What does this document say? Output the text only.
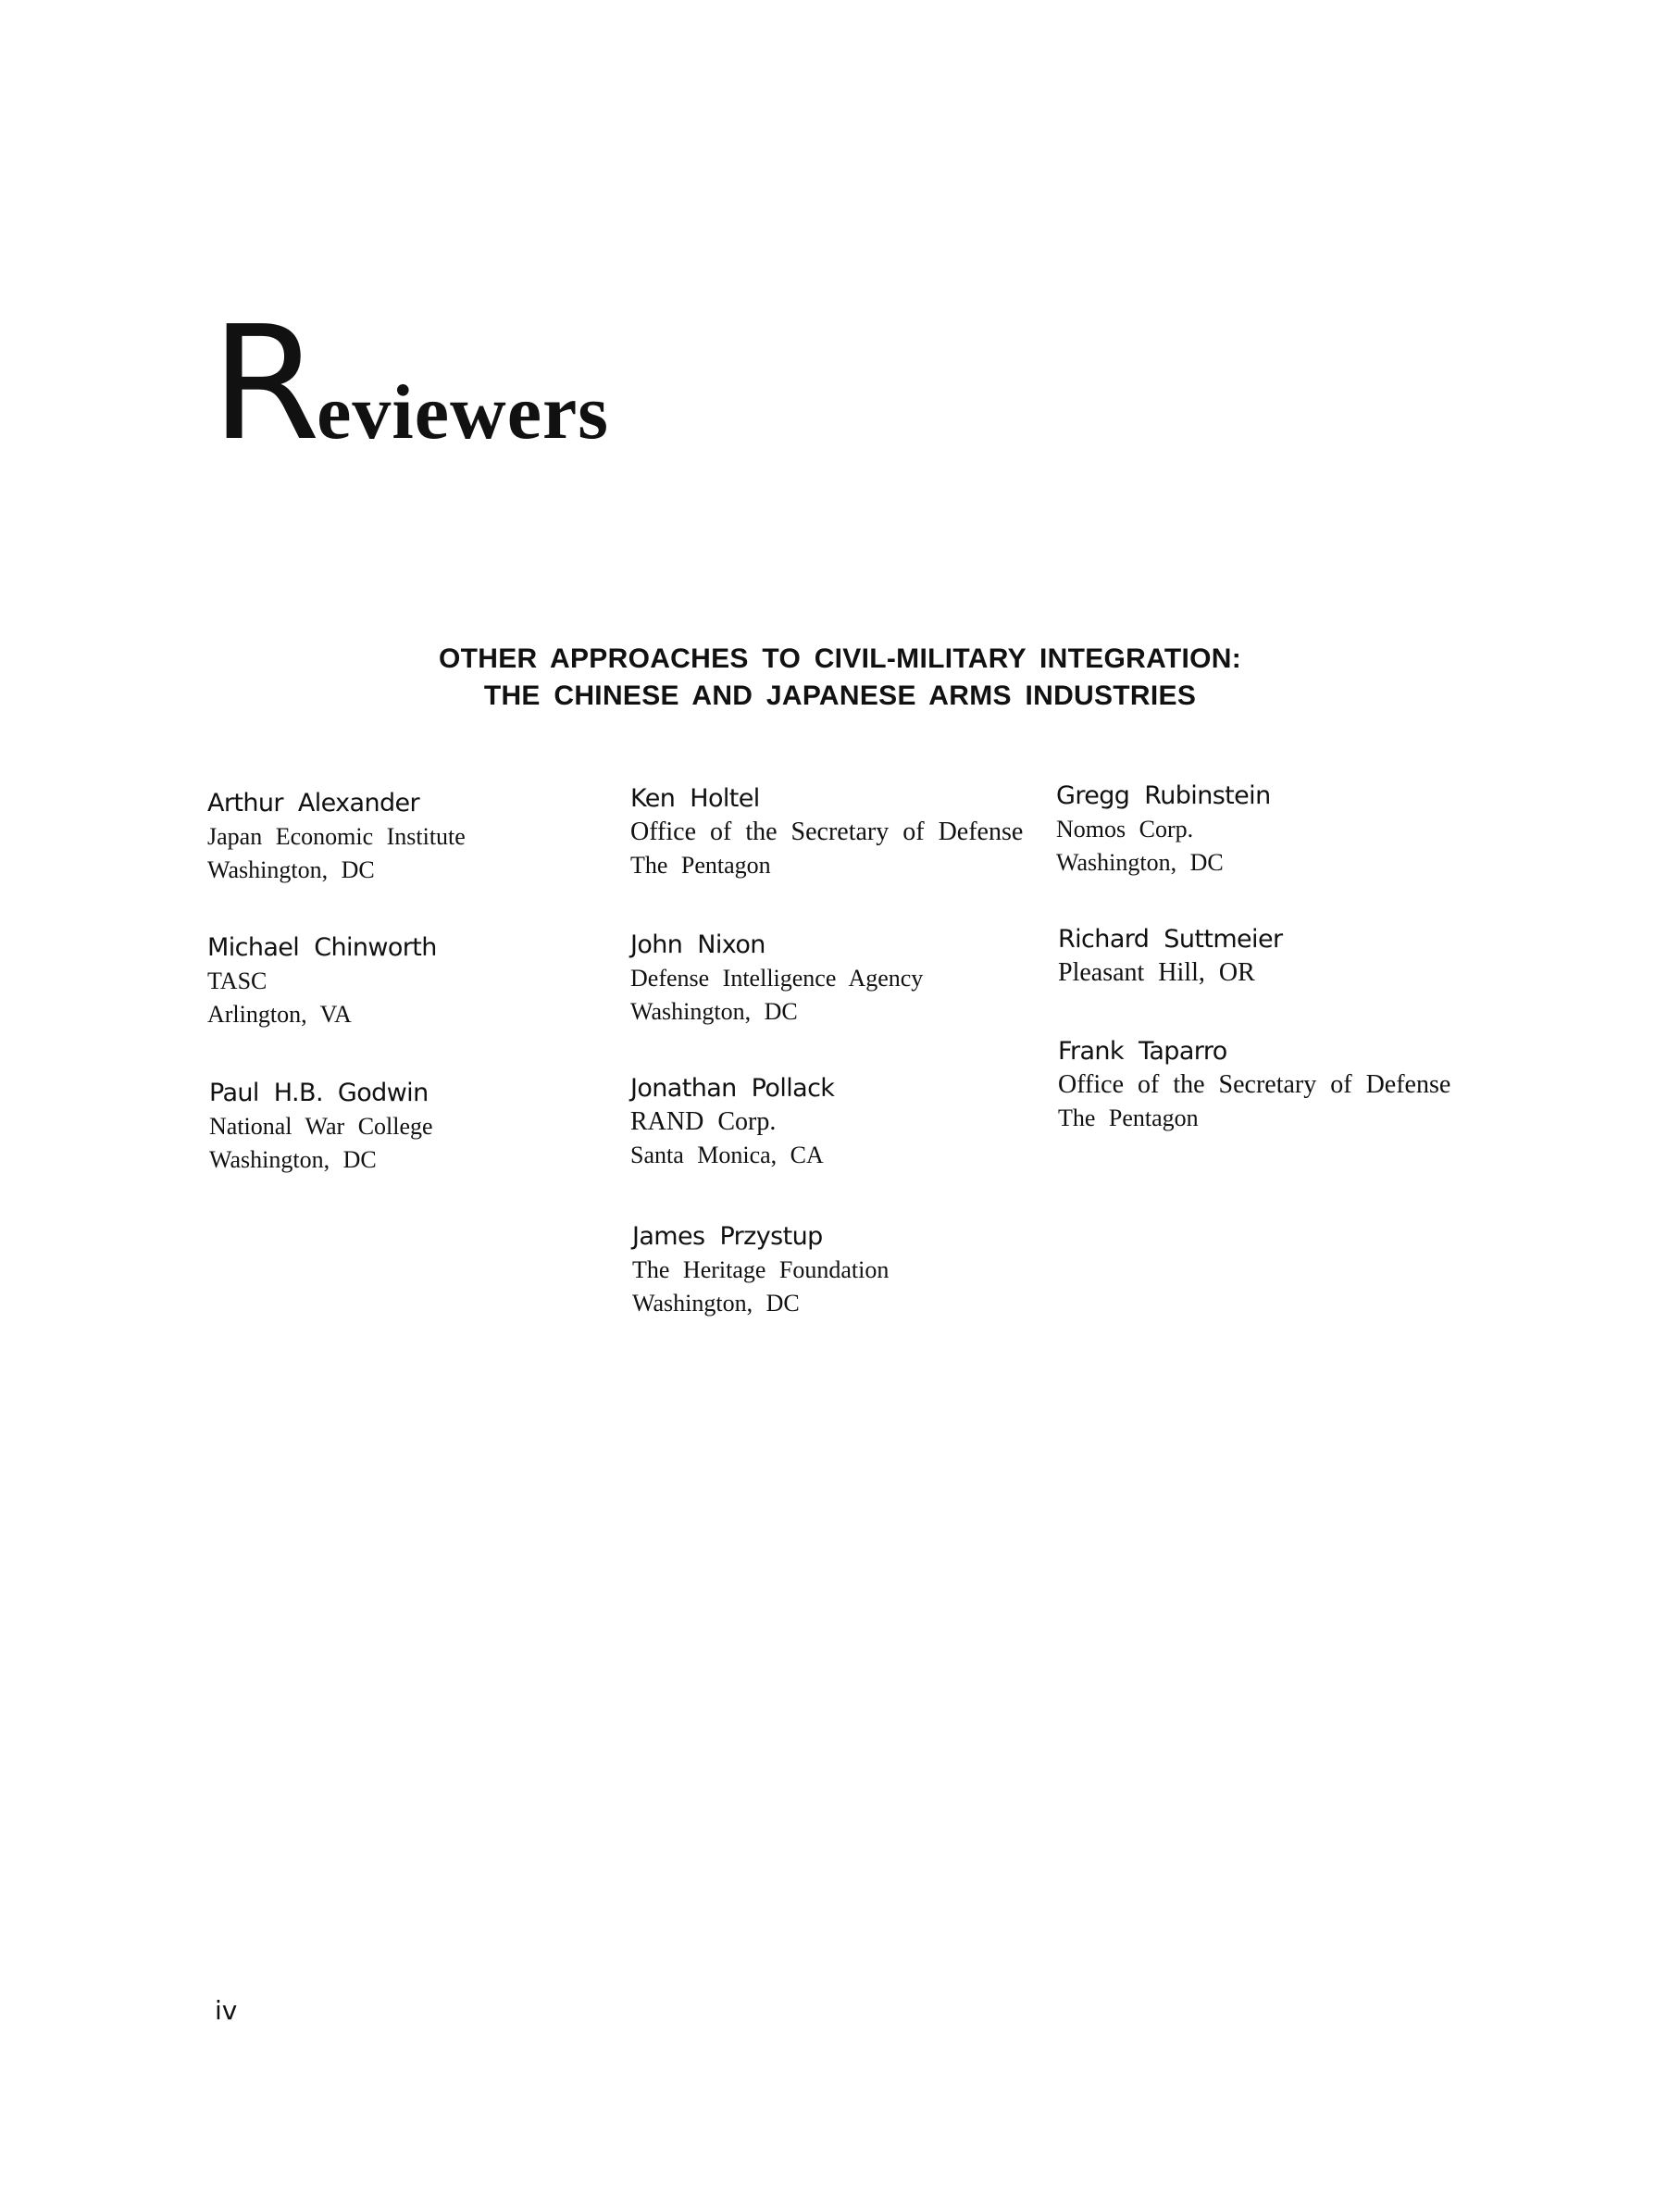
Reviewers
OTHER APPROACHES TO CIVIL-MILITARY INTEGRATION:
THE CHINESE AND JAPANESE ARMS INDUSTRIES
Arthur Alexander
Japan Economic Institute
Washington, DC
Michael Chinworth
TASC
Arlington, VA
Paul H.B. Godwin
National War College
Washington, DC
Ken Holtel
Office of the Secretary of Defense
The Pentagon
John Nixon
Defense Intelligence Agency
Washington, DC
Jonathan Pollack
RAND Corp.
Santa Monica, CA
James Przystup
The Heritage Foundation
Washington, DC
Gregg Rubinstein
Nomos Corp.
Washington, DC
Richard Suttmeier
Pleasant Hill, OR
Frank Taparro
Office of the Secretary of Defense
The Pentagon
iv
